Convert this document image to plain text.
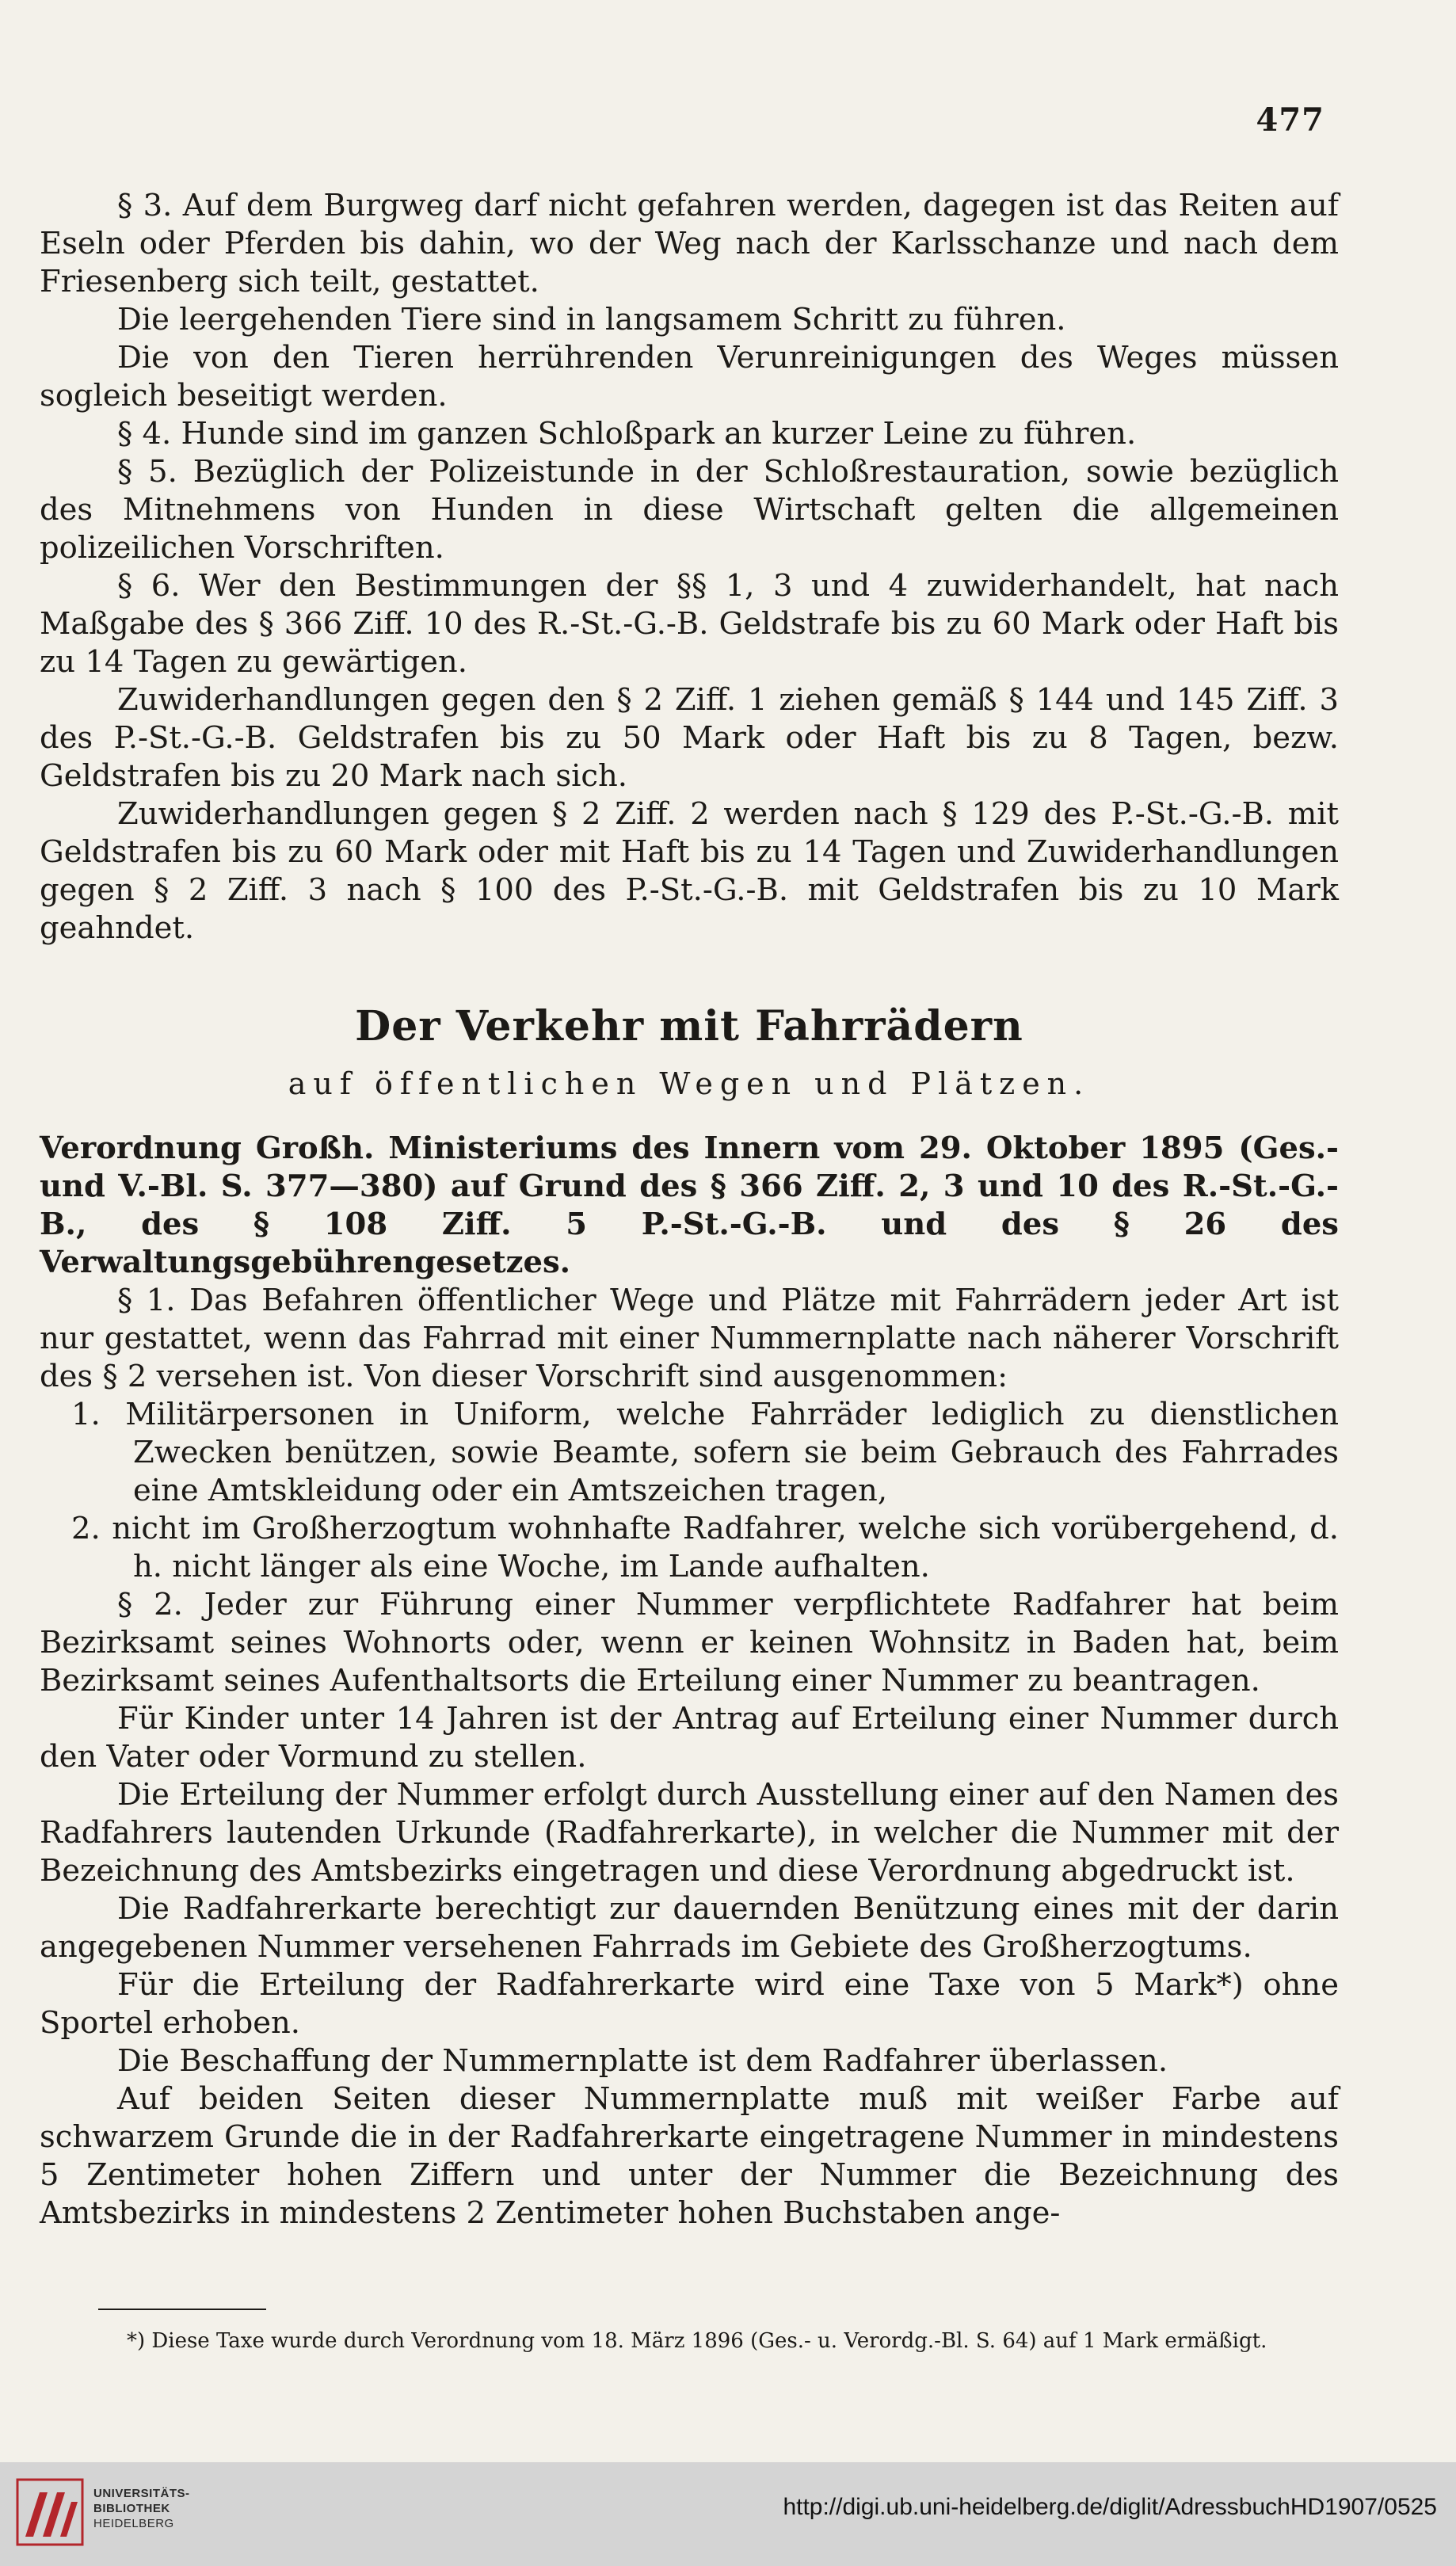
477

§ 3. Auf dem Burgweg darf nicht gefahren werden, dagegen ist das Reiten auf Eseln oder Pferden bis dahin, wo der Weg nach der Karlsschanze und nach dem Friesenberg sich teilt, gestattet.

Die leergehenden Tiere sind in langsamem Schritt zu führen.

Die von den Tieren herrührenden Verunreinigungen des Weges müssen sogleich beseitigt werden.

§ 4. Hunde sind im ganzen Schloßpark an kurzer Leine zu führen.

§ 5. Bezüglich der Polizeistunde in der Schloßrestauration, sowie bezüglich des Mitnehmens von Hunden in diese Wirtschaft gelten die allgemeinen polizeilichen Vorschriften.

§ 6. Wer den Bestimmungen der §§ 1, 3 und 4 zuwiderhandelt, hat nach Maßgabe des § 366 Ziff. 10 des R.-St.-G.-B. Geldstrafe bis zu 60 Mark oder Haft bis zu 14 Tagen zu gewärtigen.

Zuwiderhandlungen gegen den § 2 Ziff. 1 ziehen gemäß § 144 und 145 Ziff. 3 des P.-St.-G.-B. Geldstrafen bis zu 50 Mark oder Haft bis zu 8 Tagen, bezw. Geldstrafen bis zu 20 Mark nach sich.

Zuwiderhandlungen gegen § 2 Ziff. 2 werden nach § 129 des P.-St.-G.-B. mit Geldstrafen bis zu 60 Mark oder mit Haft bis zu 14 Tagen und Zuwiderhandlungen gegen § 2 Ziff. 3 nach § 100 des P.-St.-G.-B. mit Geldstrafen bis zu 10 Mark geahndet.

Der Verkehr mit Fahrrädern

auf öffentlichen Wegen und Plätzen.

Verordnung Großh. Ministeriums des Innern vom 29. Oktober 1895 (Ges.- und V.-Bl. S. 377—380) auf Grund des § 366 Ziff. 2, 3 und 10 des R.-St.-G.-B., des § 108 Ziff. 5 P.-St.-G.-B. und des § 26 des Verwaltungsgebührengesetzes.

§ 1. Das Befahren öffentlicher Wege und Plätze mit Fahrrädern jeder Art ist nur gestattet, wenn das Fahrrad mit einer Nummernplatte nach näherer Vorschrift des § 2 versehen ist. Von dieser Vorschrift sind ausgenommen:

1. Militärpersonen in Uniform, welche Fahrräder lediglich zu dienstlichen Zwecken benützen, sowie Beamte, sofern sie beim Gebrauch des Fahrrades eine Amtskleidung oder ein Amtszeichen tragen,

2. nicht im Großherzogtum wohnhafte Radfahrer, welche sich vorübergehend, d. h. nicht länger als eine Woche, im Lande aufhalten.

§ 2. Jeder zur Führung einer Nummer verpflichtete Radfahrer hat beim Bezirksamt seines Wohnorts oder, wenn er keinen Wohnsitz in Baden hat, beim Bezirksamt seines Aufenthaltsorts die Erteilung einer Nummer zu beantragen.

Für Kinder unter 14 Jahren ist der Antrag auf Erteilung einer Nummer durch den Vater oder Vormund zu stellen.

Die Erteilung der Nummer erfolgt durch Ausstellung einer auf den Namen des Radfahrers lautenden Urkunde (Radfahrerkarte), in welcher die Nummer mit der Bezeichnung des Amtsbezirks eingetragen und diese Verordnung abgedruckt ist.

Die Radfahrerkarte berechtigt zur dauernden Benützung eines mit der darin angegebenen Nummer versehenen Fahrrads im Gebiete des Großherzogtums.

Für die Erteilung der Radfahrerkarte wird eine Taxe von 5 Mark*) ohne Sportel erhoben.

Die Beschaffung der Nummernplatte ist dem Radfahrer überlassen.

Auf beiden Seiten dieser Nummernplatte muß mit weißer Farbe auf schwarzem Grunde die in der Radfahrerkarte eingetragene Nummer in mindestens 5 Zentimeter hohen Ziffern und unter der Nummer die Bezeichnung des Amtsbezirks in mindestens 2 Zentimeter hohen Buchstaben ange-

*) Diese Taxe wurde durch Verordnung vom 18. März 1896 (Ges.- u. Verordg.-Bl. S. 64) auf 1 Mark ermäßigt.

UNIVERSITÄTS-
BIBLIOTHEK
HEIDELBERG
http://digi.ub.uni-heidelberg.de/diglit/AdressbuchHD1907/0525
